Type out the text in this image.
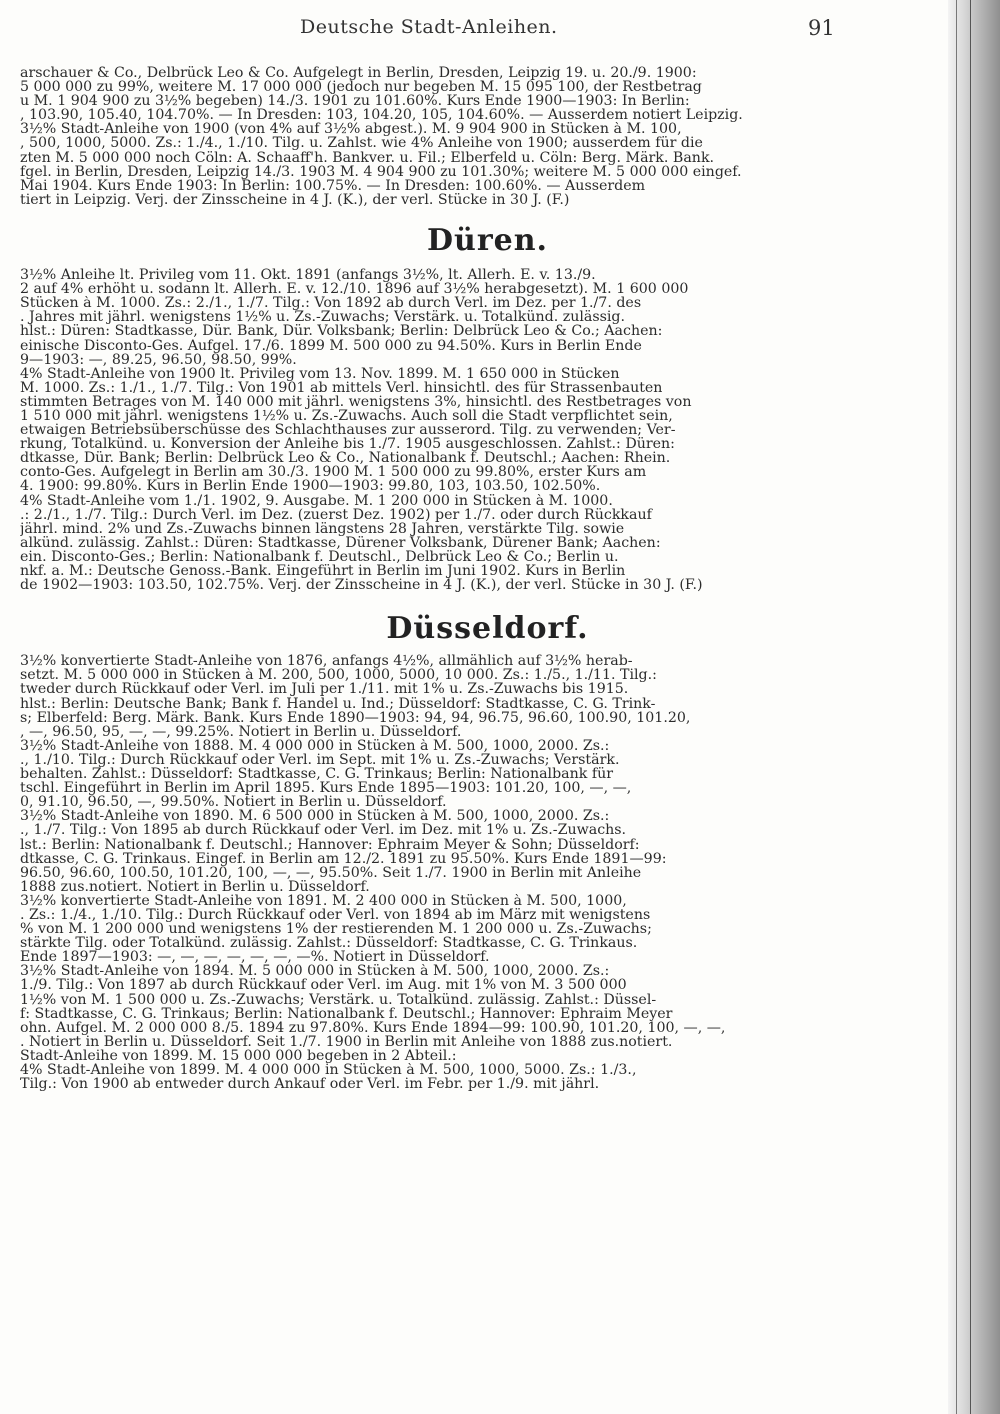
Deutsche Stadt-Anleihen.	91

arschauer & Co., Delbrück Leo & Co. Aufgelegt in Berlin, Dresden, Leipzig 19. u. 20./9. 1900:

5 000 000 zu 99%, weitere M. 17 000 000 (jedoch nur begeben M. 15 095 100, der Restbetrag

u M. 1 904 900 zu 3½% begeben) 14./3. 1901 zu 101.60%. Kurs Ende 1900—1903: In Berlin:

, 103.90, 105.40, 104.70%. — In Dresden: 103, 104.20, 105, 104.60%. — Ausserdem notiert Leipzig.

3½% Stadt-Anleihe von 1900 (von 4% auf 3½% abgest.). M. 9 904 900 in Stücken à M. 100,

, 500, 1000, 5000. Zs.: 1./4., 1./10. Tilg. u. Zahlst. wie 4% Anleihe von 1900; ausserdem für die

zten M. 5 000 000 noch Cöln: A. Schaaff'h. Bankver. u. Fil.; Elberfeld u. Cöln: Berg. Märk. Bank.

fgel. in Berlin, Dresden, Leipzig 14./3. 1903 M. 4 904 900 zu 101.30%; weitere M. 5 000 000 eingef.

Mai 1904. Kurs Ende 1903: In Berlin: 100.75%. — In Dresden: 100.60%. — Ausserdem

tiert in Leipzig. Verj. der Zinsscheine in 4 J. (K.), der verl. Stücke in 30 J. (F.)

Düren.

3½% Anleihe lt. Privileg vom 11. Okt. 1891 (anfangs 3½%, lt. Allerh. E. v. 13./9.

2 auf 4% erhöht u. sodann lt. Allerh. E. v. 12./10. 1896 auf 3½% herabgesetzt). M. 1 600 000

Stücken à M. 1000. Zs.: 2./1., 1./7. Tilg.: Von 1892 ab durch Verl. im Dez. per 1./7. des

. Jahres mit jährl. wenigstens 1½% u. Zs.-Zuwachs; Verstärk. u. Totalkünd. zulässig.

hlst.: Düren: Stadtkasse, Dür. Bank, Dür. Volksbank; Berlin: Delbrück Leo & Co.; Aachen:

einische Disconto-Ges. Aufgel. 17./6. 1899 M. 500 000 zu 94.50%. Kurs in Berlin Ende

9—1903: —, 89.25, 96.50, 98.50, 99%.

4% Stadt-Anleihe von 1900 lt. Privileg vom 13. Nov. 1899. M. 1 650 000 in Stücken

M. 1000. Zs.: 1./1., 1./7. Tilg.: Von 1901 ab mittels Verl. hinsichtl. des für Strassenbauten

stimmten Betrages von M. 140 000 mit jährl. wenigstens 3%, hinsichtl. des Restbetrages von

1 510 000 mit jährl. wenigstens 1½% u. Zs.-Zuwachs. Auch soll die Stadt verpflichtet sein,

etwaigen Betriebsüberschüsse des Schlachthauses zur ausserord. Tilg. zu verwenden; Ver-

rkung, Totalkünd. u. Konversion der Anleihe bis 1./7. 1905 ausgeschlossen. Zahlst.: Düren:

dtkasse, Dür. Bank; Berlin: Delbrück Leo & Co., Nationalbank f. Deutschl.; Aachen: Rhein.

conto-Ges. Aufgelegt in Berlin am 30./3. 1900 M. 1 500 000 zu 99.80%, erster Kurs am

4. 1900: 99.80%. Kurs in Berlin Ende 1900—1903: 99.80, 103, 103.50, 102.50%.

4% Stadt-Anleihe vom 1./1. 1902, 9. Ausgabe. M. 1 200 000 in Stücken à M. 1000.

.: 2./1., 1./7. Tilg.: Durch Verl. im Dez. (zuerst Dez. 1902) per 1./7. oder durch Rückkauf

jährl. mind. 2% und Zs.-Zuwachs binnen längstens 28 Jahren, verstärkte Tilg. sowie

alkünd. zulässig. Zahlst.: Düren: Stadtkasse, Dürener Volksbank, Dürener Bank; Aachen:

ein. Disconto-Ges.; Berlin: Nationalbank f. Deutschl., Delbrück Leo & Co.; Berlin u.

nkf. a. M.: Deutsche Genoss.-Bank. Eingeführt in Berlin im Juni 1902. Kurs in Berlin

de 1902—1903: 103.50, 102.75%. Verj. der Zinsscheine in 4 J. (K.), der verl. Stücke in 30 J. (F.)

Düsseldorf.

3½% konvertierte Stadt-Anleihe von 1876, anfangs 4½%, allmählich auf 3½% herab-

setzt. M. 5 000 000 in Stücken à M. 200, 500, 1000, 5000, 10 000. Zs.: 1./5., 1./11. Tilg.:

tweder durch Rückkauf oder Verl. im Juli per 1./11. mit 1% u. Zs.-Zuwachs bis 1915.

hlst.: Berlin: Deutsche Bank; Bank f. Handel u. Ind.; Düsseldorf: Stadtkasse, C. G. Trink-

s; Elberfeld: Berg. Märk. Bank. Kurs Ende 1890—1903: 94, 94, 96.75, 96.60, 100.90, 101.20,

, —, 96.50, 95, —, —, 99.25%. Notiert in Berlin u. Düsseldorf.

3½% Stadt-Anleihe von 1888. M. 4 000 000 in Stücken à M. 500, 1000, 2000. Zs.:

., 1./10. Tilg.: Durch Rückkauf oder Verl. im Sept. mit 1% u. Zs.-Zuwachs; Verstärk.

behalten. Zahlst.: Düsseldorf: Stadtkasse, C. G. Trinkaus; Berlin: Nationalbank für

tschl. Eingeführt in Berlin im April 1895. Kurs Ende 1895—1903: 101.20, 100, —, —,

0, 91.10, 96.50, —, 99.50%. Notiert in Berlin u. Düsseldorf.

3½% Stadt-Anleihe von 1890. M. 6 500 000 in Stücken à M. 500, 1000, 2000. Zs.:

., 1./7. Tilg.: Von 1895 ab durch Rückkauf oder Verl. im Dez. mit 1% u. Zs.-Zuwachs.

lst.: Berlin: Nationalbank f. Deutschl.; Hannover: Ephraim Meyer & Sohn; Düsseldorf:

dtkasse, C. G. Trinkaus. Eingef. in Berlin am 12./2. 1891 zu 95.50%. Kurs Ende 1891—99:

96.50, 96.60, 100.50, 101.20, 100, —, —, 95.50%. Seit 1./7. 1900 in Berlin mit Anleihe

1888 zus.notiert. Notiert in Berlin u. Düsseldorf.

3½% konvertierte Stadt-Anleihe von 1891. M. 2 400 000 in Stücken à M. 500, 1000,

. Zs.: 1./4., 1./10. Tilg.: Durch Rückkauf oder Verl. von 1894 ab im März mit wenigstens

% von M. 1 200 000 und wenigstens 1% der restierenden M. 1 200 000 u. Zs.-Zuwachs;

stärkte Tilg. oder Totalkünd. zulässig. Zahlst.: Düsseldorf: Stadtkasse, C. G. Trinkaus.

Ende 1897—1903: —, —, —, —, —, —, —%. Notiert in Düsseldorf.

3½% Stadt-Anleihe von 1894. M. 5 000 000 in Stücken à M. 500, 1000, 2000. Zs.:

1./9. Tilg.: Von 1897 ab durch Rückkauf oder Verl. im Aug. mit 1% von M. 3 500 000

1½% von M. 1 500 000 u. Zs.-Zuwachs; Verstärk. u. Totalkünd. zulässig. Zahlst.: Düssel-

f: Stadtkasse, C. G. Trinkaus; Berlin: Nationalbank f. Deutschl.; Hannover: Ephraim Meyer

ohn. Aufgel. M. 2 000 000 8./5. 1894 zu 97.80%. Kurs Ende 1894—99: 100.90, 101.20, 100, —, —,

. Notiert in Berlin u. Düsseldorf. Seit 1./7. 1900 in Berlin mit Anleihe von 1888 zus.notiert.

Stadt-Anleihe von 1899. M. 15 000 000 begeben in 2 Abteil.:

4% Stadt-Anleihe von 1899. M. 4 000 000 in Stücken à M. 500, 1000, 5000. Zs.: 1./3.,

Tilg.: Von 1900 ab entweder durch Ankauf oder Verl. im Febr. per 1./9. mit jährl.
